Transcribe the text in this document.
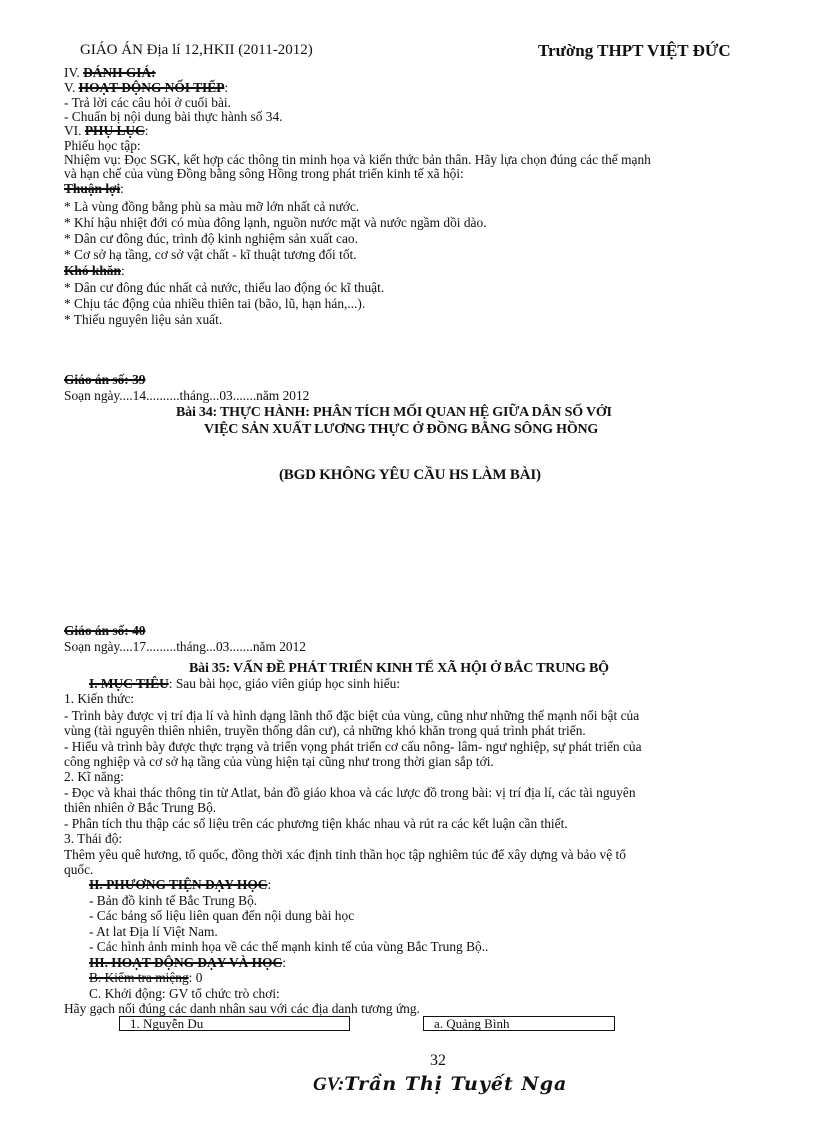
GIÁO ÁN Địa lí 12,HKII (2011-2012)	Trường THPT VIỆT ĐỨC
IV. ĐÁNH GIÁ:
V. HOẠT ĐỘNG NỐI TIẾP:
- Trả lời các câu hỏi ở cuối bài.
- Chuẩn bị nội dung bài thực hành số 34.
VI. PHỤ LỤC:
Phiếu học tập:
Nhiệm vụ: Đọc SGK, kết hợp các thông tin minh họa và kiến thức bản thân. Hãy lựa chọn đúng các thế mạnh
và hạn chế của vùng Đồng bằng sông Hồng trong phát triển kinh tế xã hội:
Thuận lợi:
* Là vùng đồng bằng phù sa màu mỡ lớn nhất cả nước.
* Khí hậu nhiệt đới có mùa đông lạnh, nguồn nước mặt và nước ngầm dồi dào.
* Dân cư đông đúc, trình độ kinh nghiệm sản xuất cao.
* Cơ sở hạ tầng, cơ sở vật chất - kĩ thuật tương đối tốt.
Khó khăn:
* Dân cư đông đúc nhất cả nước, thiếu lao động óc kĩ thuật.
* Chịu tác động của nhiều thiên tai (bão, lũ, hạn hán,...).
* Thiếu nguyên liệu sản xuất.
Giáo án số: 39
Soạn ngày....14..........tháng...03.......năm 2012
Bài 34: THỰC HÀNH: PHÂN TÍCH MỐI QUAN HỆ GIỮA DÂN SỐ VỚI
VIỆC SẢN XUẤT LƯƠNG THỰC Ở ĐỒNG BẰNG SÔNG HỒNG
(BGD KHÔNG YÊU CẦU HS LÀM BÀI)
Giáo án số: 40
Soạn ngày....17.........tháng...03.......năm 2012
Bài 35: VẤN ĐỀ PHÁT TRIỂN KINH TẾ XÃ HỘI Ở BẮC TRUNG BỘ
I. MỤC TIÊU: Sau bài học, giáo viên giúp học sinh hiểu:
1. Kiến thức:
- Trình bày được vị trí địa lí và hình dạng lãnh thổ đặc biệt của vùng, cũng như những thế mạnh nổi bật của
vùng (tài nguyên thiên nhiên, truyền thống dân cư), cả những khó khăn trong quá trình phát triển.
- Hiểu và trình bày được thực trạng và triển vọng phát triển cơ cấu nông- lâm- ngư nghiệp, sự phát triển của
công nghiệp và cơ sở hạ tầng của vùng hiện tại cũng như trong thời gian sắp tới.
2. Kĩ năng:
- Đọc và khai thác thông tin từ Atlat, bản đồ giáo khoa và các lược đồ trong bài: vị trí địa lí, các tài nguyên
thiên nhiên ở Bắc Trung Bộ.
- Phân tích thu thập các số liệu trên các phương tiện khác nhau và rút ra các kết luận cần thiết.
3. Thái độ:
Thêm yêu quê hương, tổ quốc, đồng thời xác định tinh thần học tập nghiêm túc để xây dựng và bảo vệ tổ
quốc.
II. PHƯƠNG TIỆN DẠY HỌC:
- Bản đồ kinh tế Bắc Trung Bộ.
- Các bảng số liệu liên quan đến nội dung bài học
- At lat Địa lí Việt Nam.
- Các hình ảnh minh họa về các thế mạnh kinh tế của vùng Bắc Trung Bộ..
III. HOẠT ĐỘNG DẠY VÀ HỌC:
B. Kiểm tra miệng: 0
C. Khởi động: GV tổ chức trò chơi:
Hãy gạch nối đúng các danh nhân sau với các địa danh tương ứng.
1. Nguyễn Du	a. Quảng Bình
32
GV:Trần Thị Tuyết Nga
